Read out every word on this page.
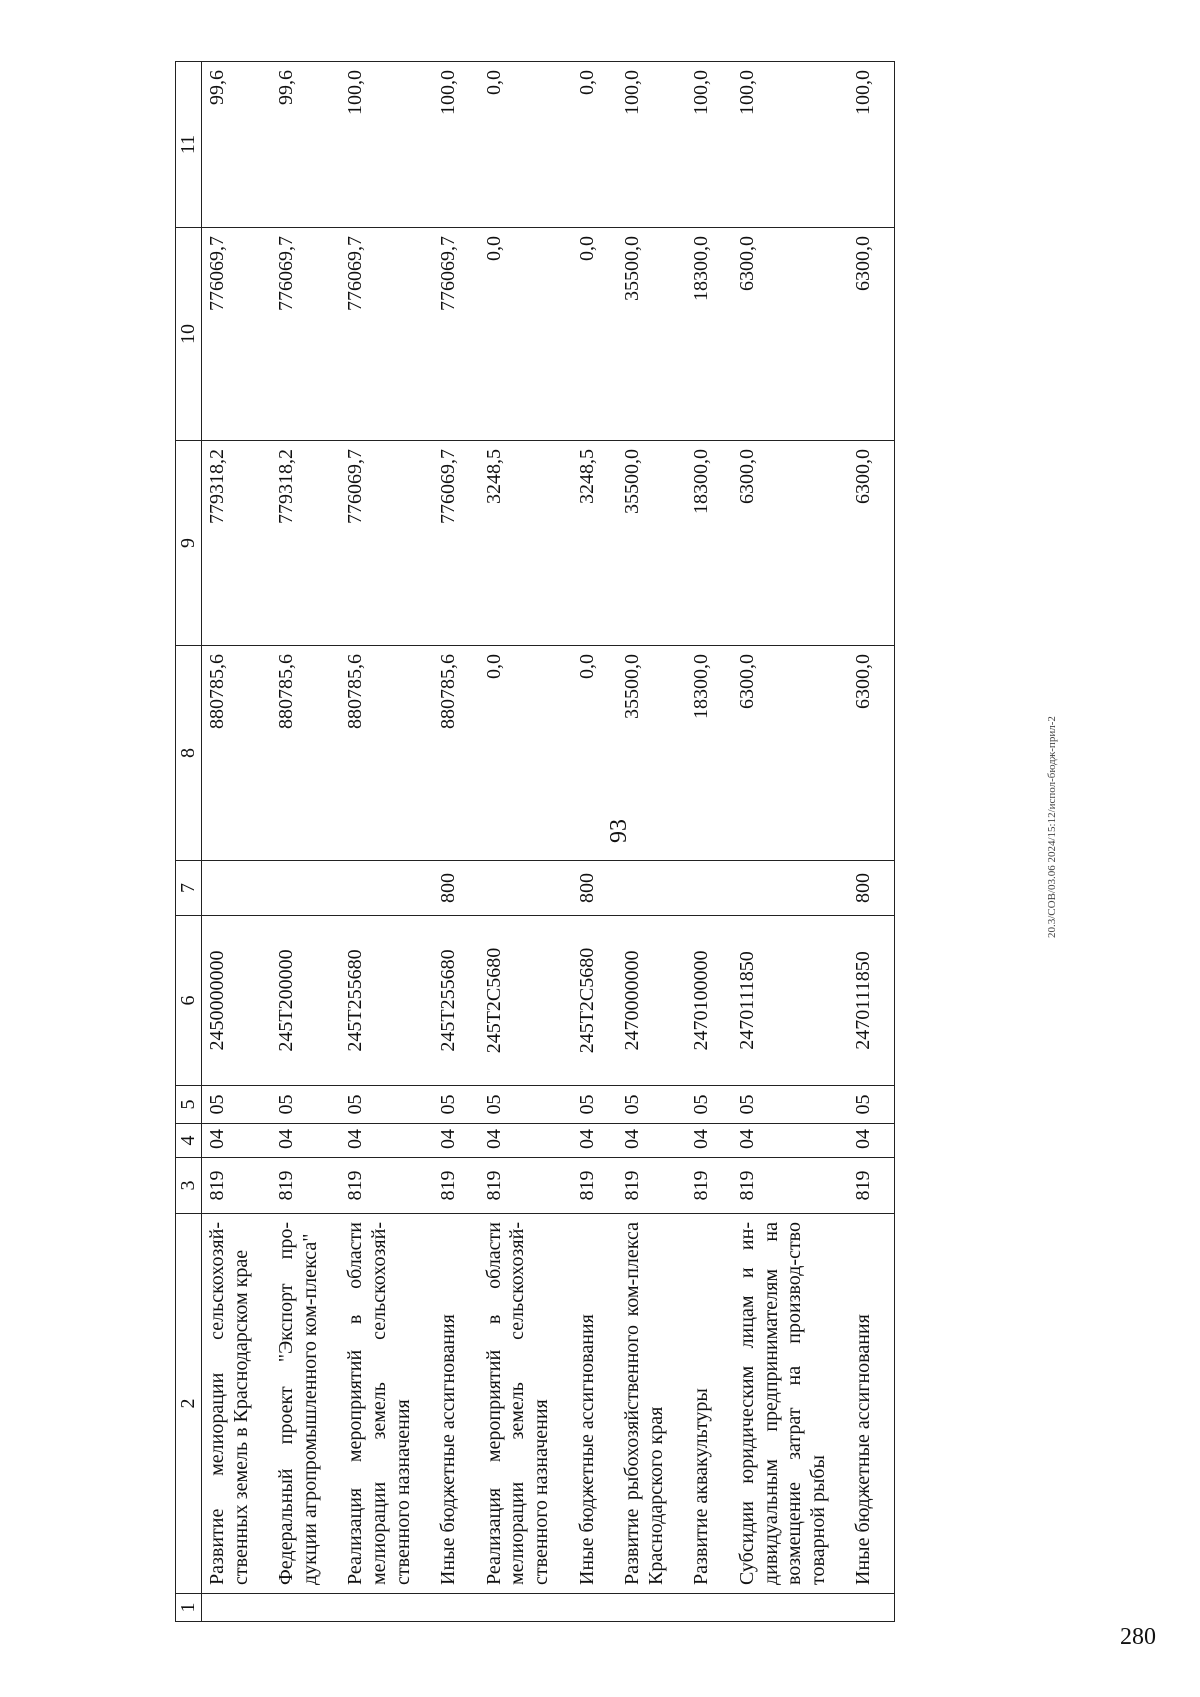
93
1	2	3	4	5	6	7	8	9	10	11
	Развитие мелиорации сельскохозяй-ственных земель в Краснодарском крае	819	04	05	2450000000		880785,6	779318,2	776069,7	99,6
	Федеральный проект "Экспорт про-дукции агропромышленного ком-плекса"	819	04	05	245T200000		880785,6	779318,2	776069,7	99,6
	Реализация мероприятий в области мелиорации земель сельскохозяй-ственного назначения	819	04	05	245T255680		880785,6	776069,7	776069,7	100,0
	Иные бюджетные ассигнования	819	04	05	245T255680	800	880785,6	776069,7	776069,7	100,0
	Реализация мероприятий в области мелиорации земель сельскохозяй-ственного назначения	819	04	05	245T2C5680		0,0	3248,5	0,0	0,0
	Иные бюджетные ассигнования	819	04	05	245T2C5680	800	0,0	3248,5	0,0	0,0
	Развитие рыбохозяйственного ком-плекса Краснодарского края	819	04	05	2470000000		35500,0	35500,0	35500,0	100,0
	Развитие аквакультуры	819	04	05	2470100000		18300,0	18300,0	18300,0	100,0
	Субсидии юридическим лицам и ин-дивидуальным предпринимателям на возмещение затрат на производ-ство товарной рыбы	819	04	05	2470111850		6300,0	6300,0	6300,0	100,0
	Иные бюджетные ассигнования	819	04	05	2470111850	800	6300,0	6300,0	6300,0	100,0
20.3/СОВ/03.06 2024/15:12/испол-бюдж-прил-2
280
